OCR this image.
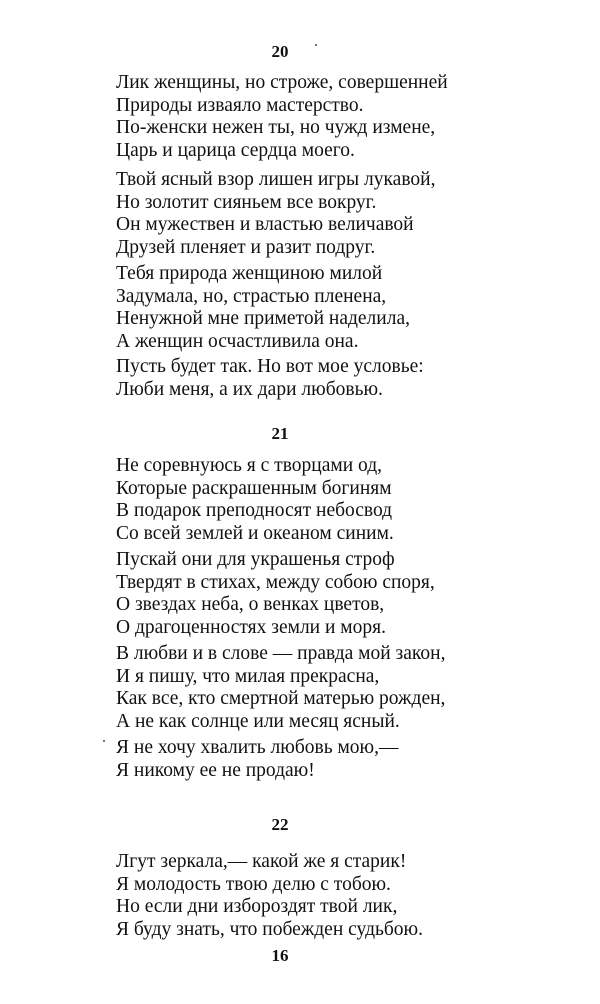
20
Лик женщины, но строже, совершенней
Природы изваяло мастерство.
По-женски нежен ты, но чужд измене,
Царь и царица сердца моего.
Твой ясный взор лишен игры лукавой,
Но золотит сияньем все вокруг.
Он мужествен и властью величавой
Друзей пленяет и разит подруг.
Тебя природа женщиною милой
Задумала, но, страстью пленена,
Ненужной мне приметой наделила,
А женщин осчастливила она.
Пусть будет так. Но вот мое условье:
Люби меня, а их дари любовью.
21
Не соревнуюсь я с творцами од,
Которые раскрашенным богиням
В подарок преподносят небосвод
Со всей землей и океаном синим.
Пускай они для украшенья строф
Твердят в стихах, между собою споря,
О звездах неба, о венках цветов,
О драгоценностях земли и моря.
В любви и в слове — правда мой закон,
И я пишу, что милая прекрасна,
Как все, кто смертной матерью рожден,
А не как солнце или месяц ясный.
Я не хочу хвалить любовь мою,—
Я никому ее не продаю!
22
Лгут зеркала,— какой же я старик!
Я молодость твою делю с тобою.
Но если дни избороздят твой лик,
Я буду знать, что побежден судьбою.
16
